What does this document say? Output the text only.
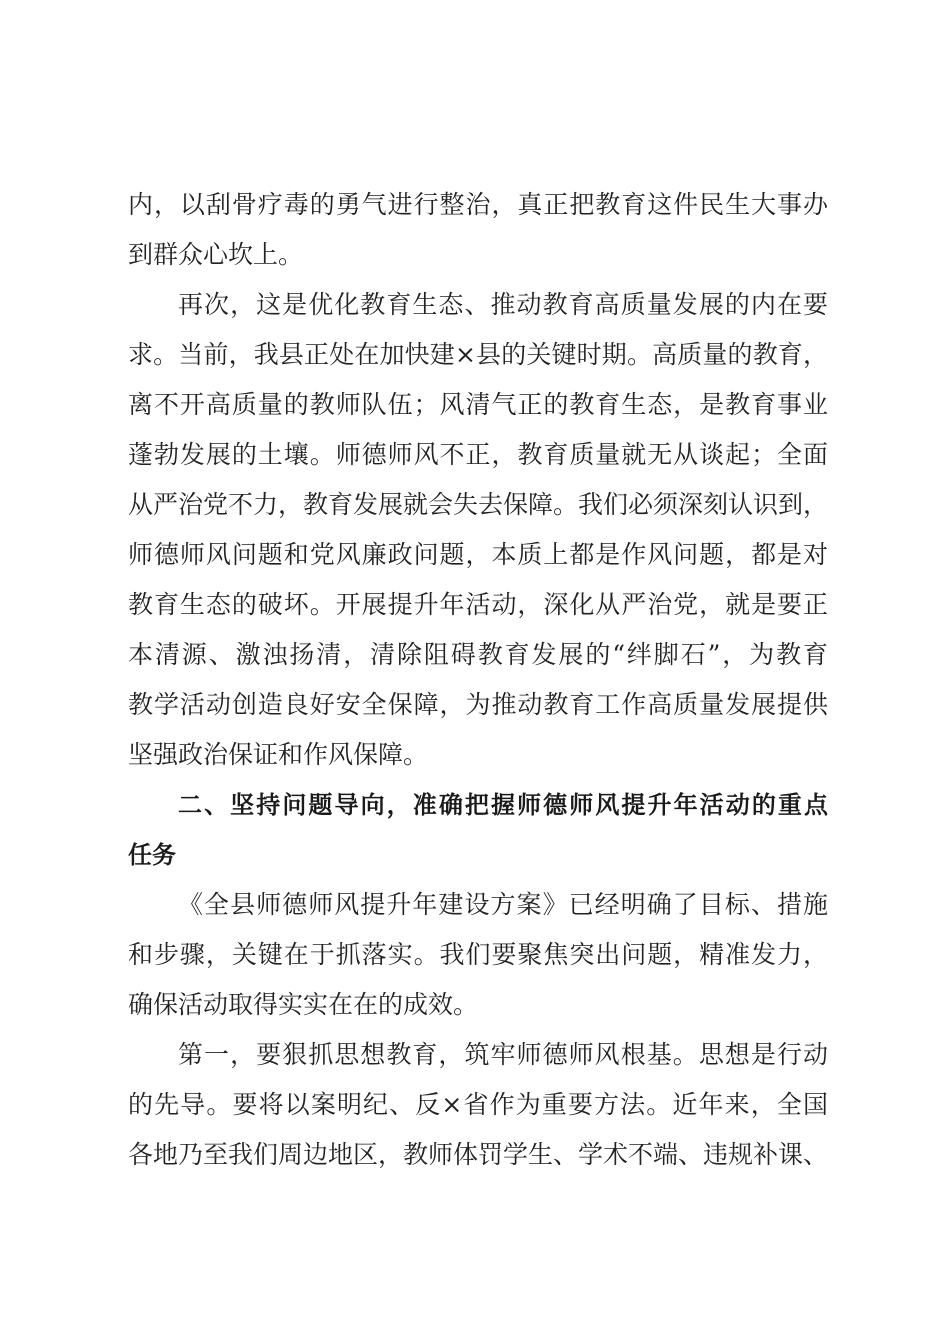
内，以刮骨疗毒的勇气进行整治，真正把教育这件民生大事办
到群众心坎上。
再次，这是优化教育生态、推动教育高质量发展的内在要
求。当前，我县正处在加快建×县的关键时期。高质量的教育，
离不开高质量的教师队伍；风清气正的教育生态，是教育事业
蓬勃发展的土壤。师德师风不正，教育质量就无从谈起；全面
从严治党不力，教育发展就会失去保障。我们必须深刻认识到，
师德师风问题和党风廉政问题，本质上都是作风问题，都是对
教育生态的破坏。开展提升年活动，深化从严治党，就是要正
本清源、激浊扬清，清除阻碍教育发展的“绊脚石”，为教育
教学活动创造良好安全保障，为推动教育工作高质量发展提供
坚强政治保证和作风保障。
二、坚持问题导向，准确把握师德师风提升年活动的重点
任务
《全县师德师风提升年建设方案》已经明确了目标、措施
和步骤，关键在于抓落实。我们要聚焦突出问题，精准发力，
确保活动取得实实在在的成效。
第一，要狠抓思想教育，筑牢师德师风根基。思想是行动
的先导。要将以案明纪、反×省作为重要方法。近年来，全国
各地乃至我们周边地区，教师体罚学生、学术不端、违规补课、
